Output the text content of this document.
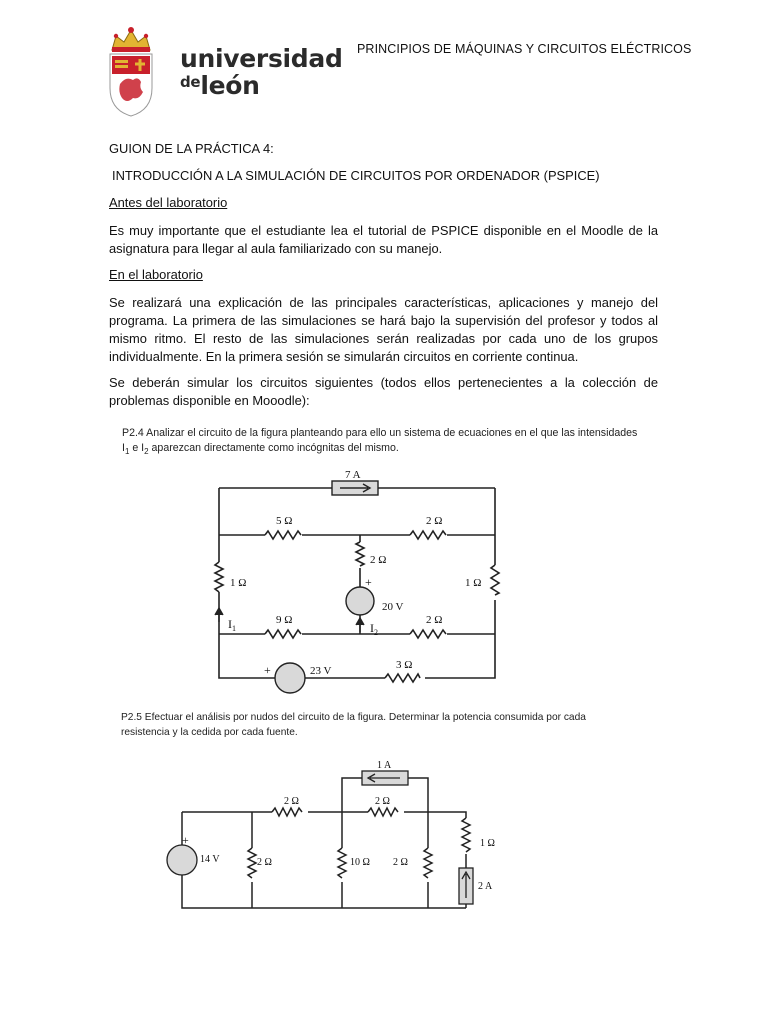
universidad
$^{de}$león
PRINCIPIOS DE MÁQUINAS Y CIRCUITOS ELÉCTRICOS
GUION DE LA PRÁCTICA 4:
INTRODUCCIÓN A LA SIMULACIÓN DE CIRCUITOS POR ORDENADOR (PSPICE)
Antes del laboratorio
Es muy importante que el estudiante lea el tutorial de PSPICE disponible en el Moodle de la
asignatura para llegar al aula familiarizado con su manejo.
En el laboratorio
Se realizará una explicación de las principales características, aplicaciones y manejo del
programa. La primera de las simulaciones se hará bajo la supervisión del profesor y todos al
mismo ritmo. El resto de las simulaciones serán realizadas por cada uno de los grupos
individualmente. En la primera sesión se simularán circuitos en corriente continua.
Se deberán simular los circuitos siguientes (todos ellos pertenecientes a la colección de
problemas disponible en Mooodle):
P2.4 Analizar el circuito de la figura planteando para ello un sistema de ecuaciones en el que las intensidades
$I_1$ e $I_2$ aparezcan directamente como incógnitas del mismo.
7 A
5 Ω	2 Ω
2 Ω
1 Ω	1 Ω
+
20 V
9 Ω	2 Ω
$I_1$	$I_2$
+	23 V	3 Ω
P2.5 Efectuar el análisis por nudos del circuito de la figura. Determinar la potencia consumida por cada
resistencia y la cedida por cada fuente.
1 A
2 Ω	2 Ω
+
14 V	2 Ω	10 Ω 2 Ω
1 Ω
2 A
